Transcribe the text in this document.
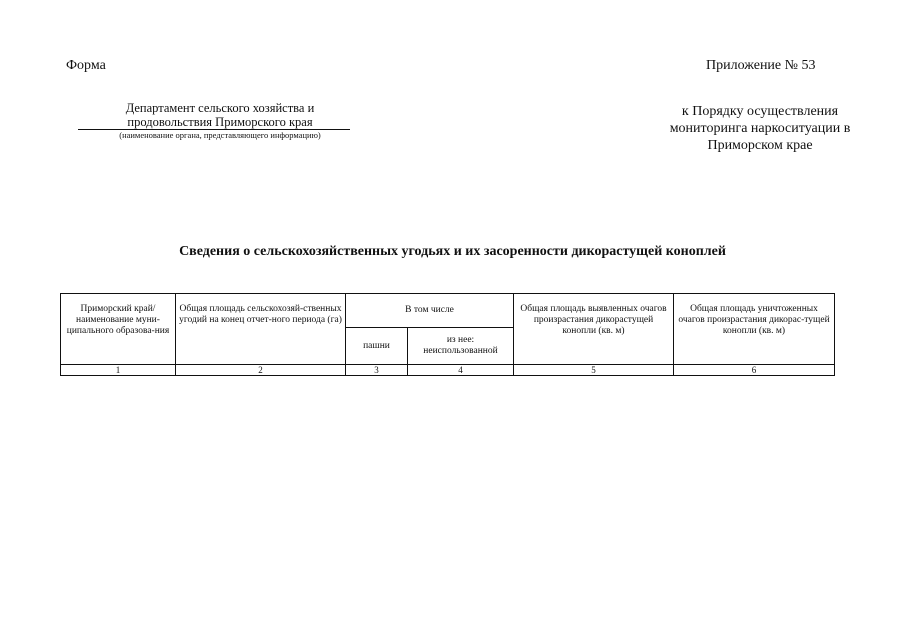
Форма	Приложение № 53
Департамент сельского хозяйства и
продовольствия Приморского края
(наименование органа, представляющего информацию)
к Порядку осуществления
мониторинга наркоситуации в
Приморском крае
Сведения о сельскохозяйственных угодьях и их засоренности дикорастущей коноплей
Приморский край/ наименование муни-ципального образова-ния	Общая площадь сельскохозяй-ственных угодий на конец отчет-ного периода (га)	В том числе		Общая площадь выявленных очагов произрастания дикорастущей конопли (кв. м)	Общая площадь уничтоженных очагов произрастания дикорас-тущей конопли (кв. м)
		пашни	из нее: неиспользованной		
1	2	3	4	5	6
